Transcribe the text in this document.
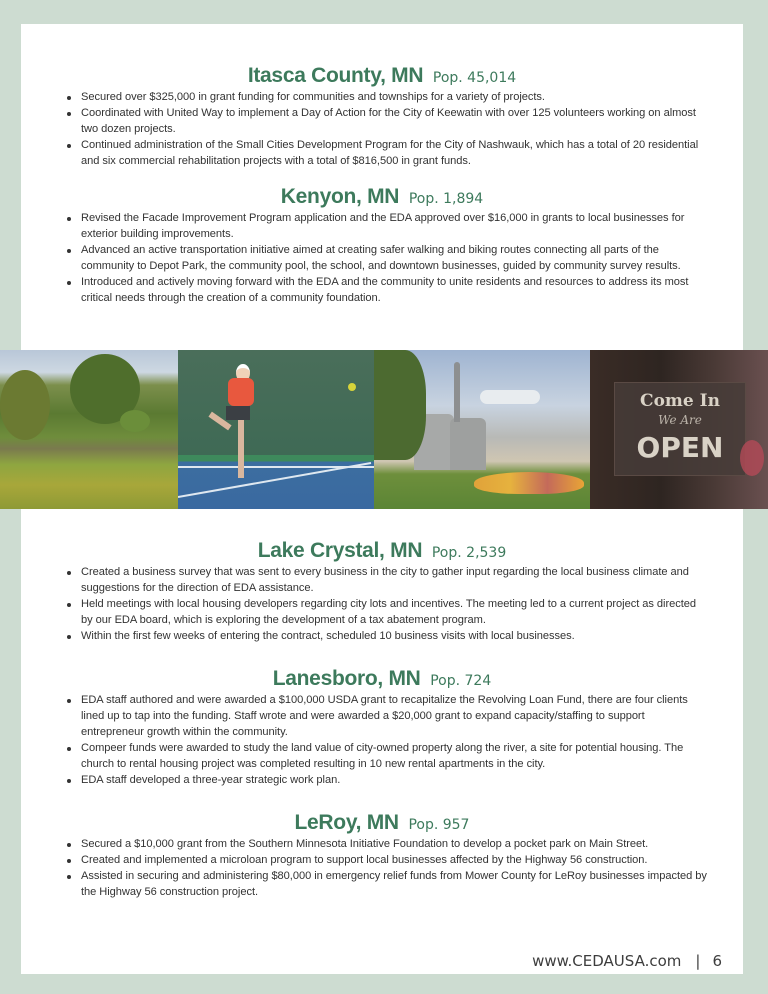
Itasca County, MN Pop. 45,014
Secured over $325,000 in grant funding for communities and townships for a variety of projects.
Coordinated with United Way to implement a Day of Action for the City of Keewatin with over 125 volunteers working on almost two dozen projects.
Continued administration of the Small Cities Development Program for the City of Nashwauk, which has a total of 20 residential and six commercial rehabilitation projects with a total of $816,500 in grant funds.
Kenyon, MN Pop. 1,894
Revised the Facade Improvement Program application and the EDA approved over $16,000 in grants to local businesses for exterior building improvements.
Advanced an active transportation initiative aimed at creating safer walking and biking routes connecting all parts of the community to Depot Park, the community pool, the school, and downtown businesses, guided by community survey results.
Introduced and actively moving forward with the EDA and the community to unite residents and resources to address its most critical needs through the creation of a community foundation.
Lake Crystal, MN Pop. 2,539
Created a business survey that was sent to every business in the city to gather input regarding the local business climate and suggestions for the direction of EDA assistance.
Held meetings with local housing developers regarding city lots and incentives. The meeting led to a current project as directed by our EDA board, which is exploring the development of a tax abatement program.
Within the first few weeks of entering the contract, scheduled 10 business visits with local businesses.
Lanesboro, MN Pop. 724
EDA staff authored and were awarded a $100,000 USDA grant to recapitalize the Revolving Loan Fund, there are four clients lined up to tap into the funding. Staff wrote and were awarded a $20,000 grant to expand capacity/staffing to support entrepreneur growth within the community.
Compeer funds were awarded to study the land value of city-owned property along the river, a site for potential housing. The church to rental housing project was completed resulting in 10 new rental apartments in the city.
EDA staff developed a three-year strategic work plan.
LeRoy, MN Pop. 957
Secured a $10,000 grant from the Southern Minnesota Initiative Foundation to develop a pocket park on Main Street.
Created and implemented a microloan program to support local businesses affected by the Highway 56 construction.
Assisted in securing and administering $80,000 in emergency relief funds from Mower County for LeRoy businesses impacted by the Highway 56 construction project.
Come In
We Are
OPEN
www.CEDAUSA.com | 6
